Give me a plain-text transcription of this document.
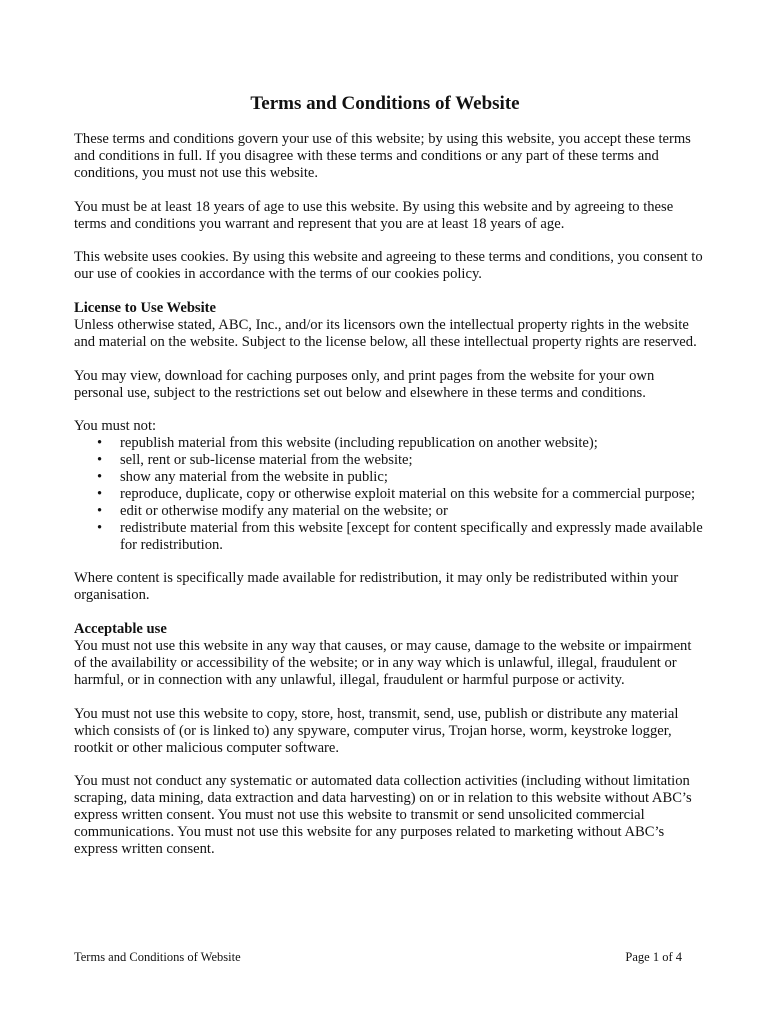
Terms and Conditions of Website

These terms and conditions govern your use of this website; by using this website, you accept these terms and conditions in full. If you disagree with these terms and conditions or any part of these terms and conditions, you must not use this website.

You must be at least 18 years of age to use this website. By using this website and by agreeing to these terms and conditions you warrant and represent that you are at least 18 years of age.

This website uses cookies. By using this website and agreeing to these terms and conditions, you consent to our use of cookies in accordance with the terms of our cookies policy.

License to Use Website

Unless otherwise stated, ABC, Inc., and/or its licensors own the intellectual property rights in the website and material on the website. Subject to the license below, all these intellectual property rights are reserved.

You may view, download for caching purposes only, and print pages from the website for your own personal use, subject to the restrictions set out below and elsewhere in these terms and conditions.

You must not:

• republish material from this website (including republication on another website);
• sell, rent or sub-license material from the website;
• show any material from the website in public;
• reproduce, duplicate, copy or otherwise exploit material on this website for a commercial purpose;
• edit or otherwise modify any material on the website; or
• redistribute material from this website [except for content specifically and expressly made available for redistribution.

Where content is specifically made available for redistribution, it may only be redistributed within your organisation.

Acceptable use

You must not use this website in any way that causes, or may cause, damage to the website or impairment of the availability or accessibility of the website; or in any way which is unlawful, illegal, fraudulent or harmful, or in connection with any unlawful, illegal, fraudulent or harmful purpose or activity.

You must not use this website to copy, store, host, transmit, send, use, publish or distribute any material which consists of (or is linked to) any spyware, computer virus, Trojan horse, worm, keystroke logger, rootkit or other malicious computer software.

You must not conduct any systematic or automated data collection activities (including without limitation scraping, data mining, data extraction and data harvesting) on or in relation to this website without ABC’s express written consent. You must not use this website to transmit or send unsolicited commercial communications. You must not use this website for any purposes related to marketing without ABC’s express written consent.

Terms and Conditions of Website	Page 1 of 4
